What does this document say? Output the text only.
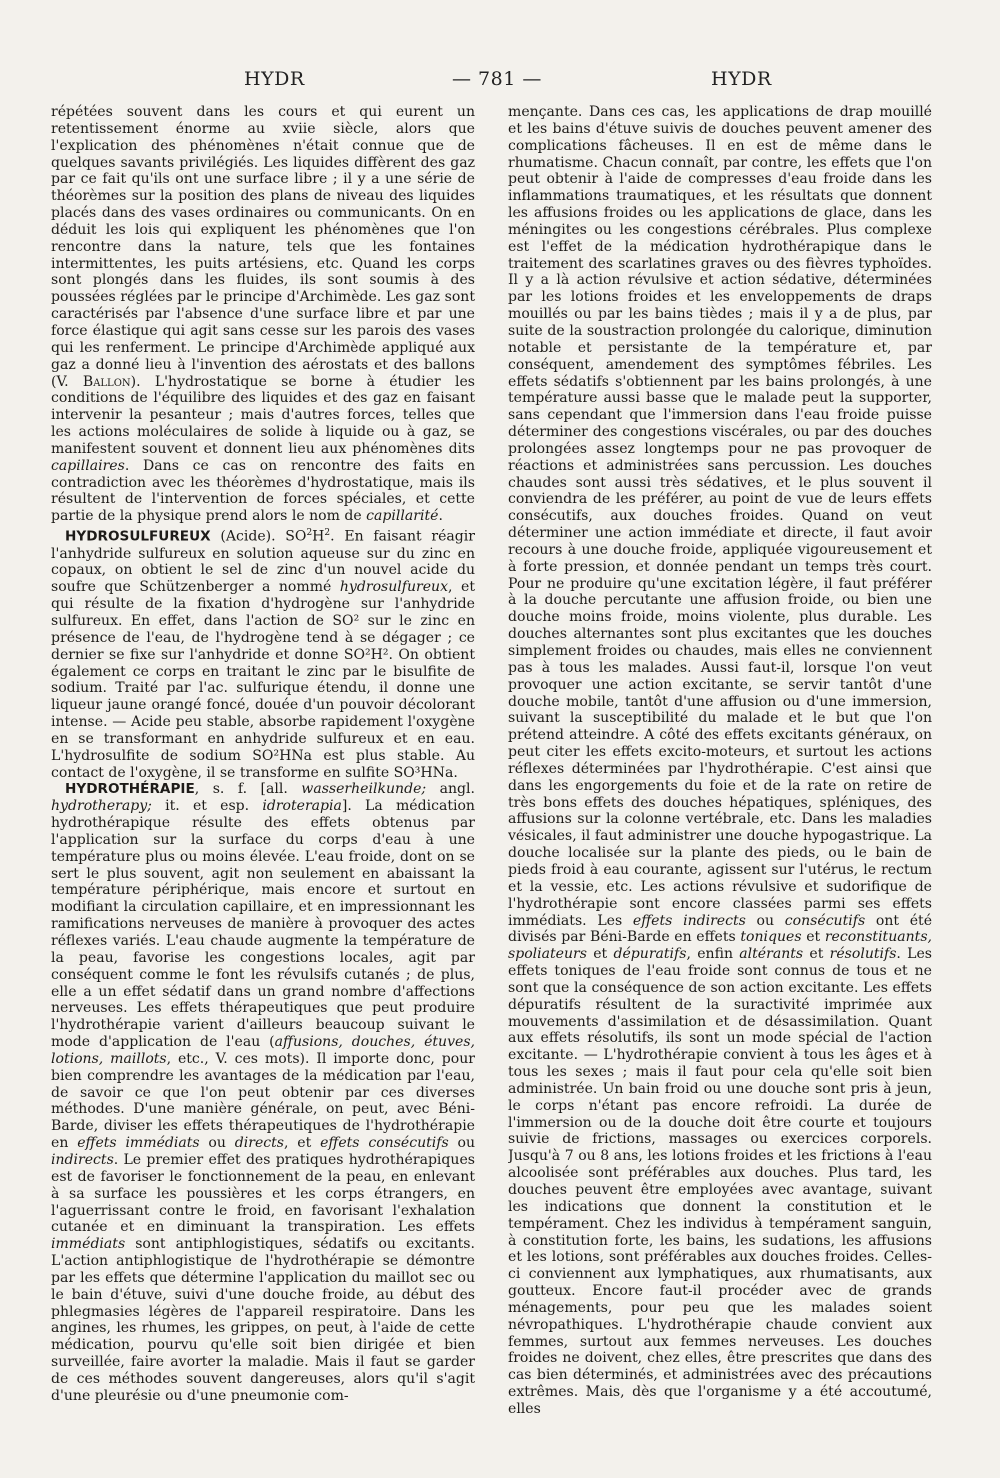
HYDR	— 781 —	HYDR

répétées souvent dans les cours et qui eurent un retentissement énorme au xviie siècle, alors que l'explication des phénomènes n'était connue que de quelques savants privilégiés. Les liquides diffèrent des gaz par ce fait qu'ils ont une surface libre ; il y a une série de théorèmes sur la position des plans de niveau des liquides placés dans des vases ordinaires ou communicants. On en déduit les lois qui expliquent les phénomènes que l'on rencontre dans la nature, tels que les fontaines intermittentes, les puits artésiens, etc. Quand les corps sont plongés dans les fluides, ils sont soumis à des poussées réglées par le principe d'Archimède. Les gaz sont caractérisés par l'absence d'une surface libre et par une force élastique qui agit sans cesse sur les parois des vases qui les renferment. Le principe d'Archimède appliqué aux gaz a donné lieu à l'invention des aérostats et des ballons (V. Ballon). L'hydrostatique se borne à étudier les conditions de l'équilibre des liquides et des gaz en faisant intervenir la pesanteur ; mais d'autres forces, telles que les actions moléculaires de solide à liquide ou à gaz, se manifestent souvent et donnent lieu aux phénomènes dits capillaires. Dans ce cas on rencontre des faits en contradiction avec les théorèmes d'hydrostatique, mais ils résultent de l'intervention de forces spéciales, et cette partie de la physique prend alors le nom de capillarité.

HYDROSULFUREUX (Acide). $SO^2H^2$. En faisant réagir l'anhydride sulfureux en solution aqueuse sur du zinc en copaux, on obtient le sel de zinc d'un nouvel acide du soufre que Schützenberger a nommé hydrosulfureux, et qui résulte de la fixation d'hydrogène sur l'anhydride sulfureux. En effet, dans l'action de SO² sur le zinc en présence de l'eau, de l'hydrogène tend à se dégager ; ce dernier se fixe sur l'anhydride et donne SO²H². On obtient également ce corps en traitant le zinc par le bisulfite de sodium. Traité par l'ac. sulfurique étendu, il donne une liqueur jaune orangé foncé, douée d'un pouvoir décolorant intense. — Acide peu stable, absorbe rapidement l'oxygène en se transformant en anhydride sulfureux et en eau. L'hydrosulfite de sodium SO²HNa est plus stable. Au contact de l'oxygène, il se transforme en sulfite SO³HNa.

HYDROTHÉRAPIE, s. f. [all. wasserheilkunde; angl. hydrotherapy; it. et esp. idroterapia]. La médication hydrothérapique résulte des effets obtenus par l'application sur la surface du corps d'eau à une température plus ou moins élevée. L'eau froide, dont on se sert le plus souvent, agit non seulement en abaissant la température périphérique, mais encore et surtout en modifiant la circulation capillaire, et en impressionnant les ramifications nerveuses de manière à provoquer des actes réflexes variés. L'eau chaude augmente la température de la peau, favorise les congestions locales, agit par conséquent comme le font les révulsifs cutanés ; de plus, elle a un effet sédatif dans un grand nombre d'affections nerveuses. Les effets thérapeutiques que peut produire l'hydrothérapie varient d'ailleurs beaucoup suivant le mode d'application de l'eau (affusions, douches, étuves, lotions, maillots, etc., V. ces mots). Il importe donc, pour bien comprendre les avantages de la médication par l'eau, de savoir ce que l'on peut obtenir par ces diverses méthodes. D'une manière générale, on peut, avec Béni-Barde, diviser les effets thérapeutiques de l'hydrothérapie en effets immédiats ou directs, et effets consécutifs ou indirects. Le premier effet des pratiques hydrothérapiques est de favoriser le fonctionnement de la peau, en enlevant à sa surface les poussières et les corps étrangers, en l'aguerrissant contre le froid, en favorisant l'exhalation cutanée et en diminuant la transpiration. Les effets immédiats sont antiphlogistiques, sédatifs ou excitants. L'action antiphlogistique de l'hydrothérapie se démontre par les effets que détermine l'application du maillot sec ou le bain d'étuve, suivi d'une douche froide, au début des phlegmasies légères de l'appareil respiratoire. Dans les angines, les rhumes, les grippes, on peut, à l'aide de cette médication, pourvu qu'elle soit bien dirigée et bien surveillée, faire avorter la maladie. Mais il faut se garder de ces méthodes souvent dangereuses, alors qu'il s'agit d'une pleurésie ou d'une pneumonie com-

mençante. Dans ces cas, les applications de drap mouillé et les bains d'étuve suivis de douches peuvent amener des complications fâcheuses. Il en est de même dans le rhumatisme. Chacun connaît, par contre, les effets que l'on peut obtenir à l'aide de compresses d'eau froide dans les inflammations traumatiques, et les résultats que donnent les affusions froides ou les applications de glace, dans les méningites ou les congestions cérébrales. Plus complexe est l'effet de la médication hydrothérapique dans le traitement des scarlatines graves ou des fièvres typhoïdes. Il y a là action révulsive et action sédative, déterminées par les lotions froides et les enveloppements de draps mouillés ou par les bains tièdes ; mais il y a de plus, par suite de la soustraction prolongée du calorique, diminution notable et persistante de la température et, par conséquent, amendement des symptômes fébriles. Les effets sédatifs s'obtiennent par les bains prolongés, à une température aussi basse que le malade peut la supporter, sans cependant que l'immersion dans l'eau froide puisse déterminer des congestions viscérales, ou par des douches prolongées assez longtemps pour ne pas provoquer de réactions et administrées sans percussion. Les douches chaudes sont aussi très sédatives, et le plus souvent il conviendra de les préférer, au point de vue de leurs effets consécutifs, aux douches froides. Quand on veut déterminer une action immédiate et directe, il faut avoir recours à une douche froide, appliquée vigoureusement et à forte pression, et donnée pendant un temps très court. Pour ne produire qu'une excitation légère, il faut préférer à la douche percutante une affusion froide, ou bien une douche moins froide, moins violente, plus durable. Les douches alternantes sont plus excitantes que les douches simplement froides ou chaudes, mais elles ne conviennent pas à tous les malades. Aussi faut-il, lorsque l'on veut provoquer une action excitante, se servir tantôt d'une douche mobile, tantôt d'une affusion ou d'une immersion, suivant la susceptibilité du malade et le but que l'on prétend atteindre. A côté des effets excitants généraux, on peut citer les effets excito-moteurs, et surtout les actions réflexes déterminées par l'hydrothérapie. C'est ainsi que dans les engorgements du foie et de la rate on retire de très bons effets des douches hépatiques, spléniques, des affusions sur la colonne vertébrale, etc. Dans les maladies vésicales, il faut administrer une douche hypogastrique. La douche localisée sur la plante des pieds, ou le bain de pieds froid à eau courante, agissent sur l'utérus, le rectum et la vessie, etc. Les actions révulsive et sudorifique de l'hydrothérapie sont encore classées parmi ses effets immédiats. Les effets indirects ou consécutifs ont été divisés par Béni-Barde en effets toniques et reconstituants, spoliateurs et dépuratifs, enfin altérants et résolutifs. Les effets toniques de l'eau froide sont connus de tous et ne sont que la conséquence de son action excitante. Les effets dépuratifs résultent de la suractivité imprimée aux mouvements d'assimilation et de désassimilation. Quant aux effets résolutifs, ils sont un mode spécial de l'action excitante. — L'hydrothérapie convient à tous les âges et à tous les sexes ; mais il faut pour cela qu'elle soit bien administrée. Un bain froid ou une douche sont pris à jeun, le corps n'étant pas encore refroidi. La durée de l'immersion ou de la douche doit être courte et toujours suivie de frictions, massages ou exercices corporels. Jusqu'à 7 ou 8 ans, les lotions froides et les frictions à l'eau alcoolisée sont préférables aux douches. Plus tard, les douches peuvent être employées avec avantage, suivant les indications que donnent la constitution et le tempérament. Chez les individus à tempérament sanguin, à constitution forte, les bains, les sudations, les affusions et les lotions, sont préférables aux douches froides. Celles-ci conviennent aux lymphatiques, aux rhumatisants, aux goutteux. Encore faut-il procéder avec de grands ménagements, pour peu que les malades soient névropathiques. L'hydrothérapie chaude convient aux femmes, surtout aux femmes nerveuses. Les douches froides ne doivent, chez elles, être prescrites que dans des cas bien déterminés, et administrées avec des précautions extrêmes. Mais, dès que l'organisme y a été accoutumé, elles
